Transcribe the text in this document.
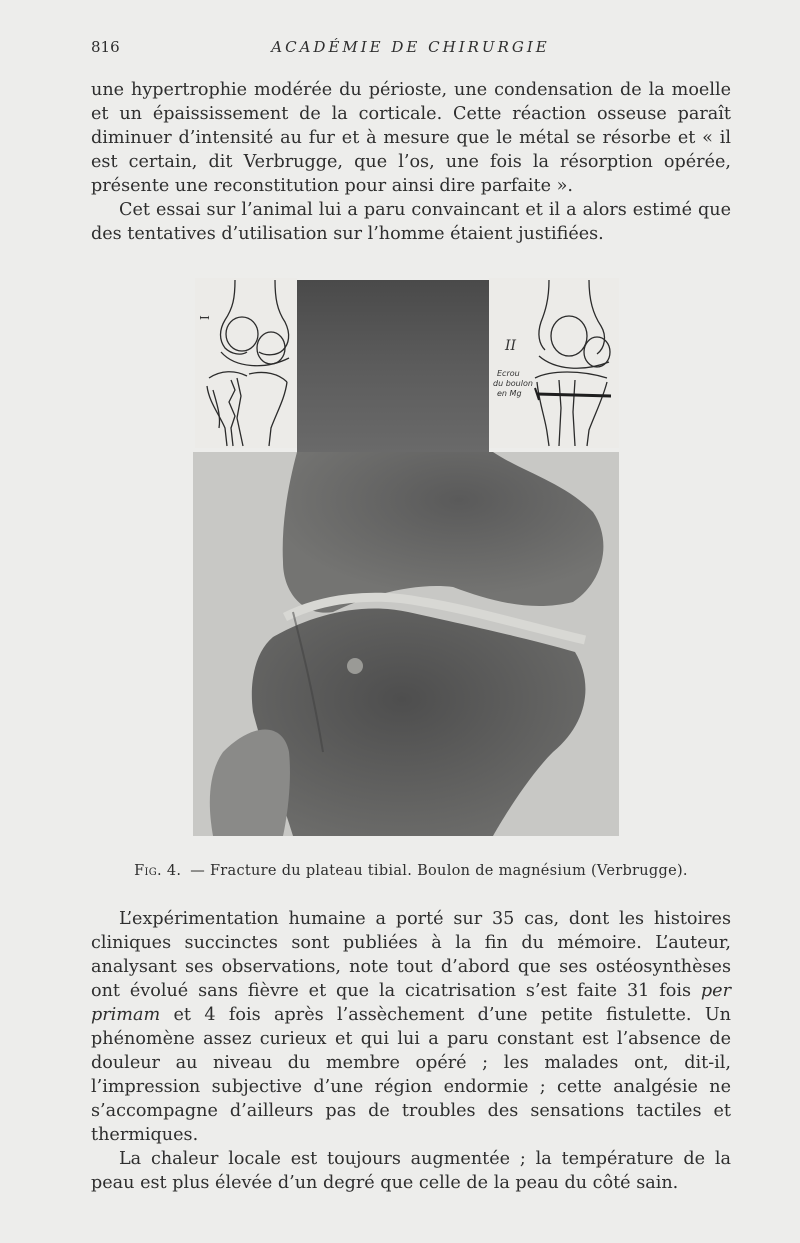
816	ACADÉMIE DE CHIRURGIE

une hypertrophie modérée du périoste, une condensation de la moelle et un épaississement de la corticale. Cette réaction osseuse paraît diminuer d’intensité au fur et à mesure que le métal se résorbe et « il est certain, dit Verbrugge, que l’os, une fois la résorption opérée, présente une reconstitution pour ainsi dire parfaite ».

Cet essai sur l’animal lui a paru convaincant et il a alors estimé que des tentatives d’utilisation sur l’homme étaient justifiées.

I
II
Ecrou
du boulon
en Mg
Fig. 4. — Fracture du plateau tibial. Boulon de magnésium (Verbrugge).

L’expérimentation humaine a porté sur 35 cas, dont les histoires cliniques succinctes sont publiées à la fin du mémoire. L’auteur, analysant ses observations, note tout d’abord que ses ostéosynthèses ont évolué sans fièvre et que la cicatrisation s’est faite 31 fois per primam et 4 fois après l’assèchement d’une petite fistulette. Un phénomène assez curieux et qui lui a paru constant est l’absence de douleur au niveau du membre opéré ; les malades ont, dit-il, l’impression subjective d’une région endormie ; cette analgésie ne s’accompagne d’ailleurs pas de troubles des sensations tactiles et thermiques.

La chaleur locale est toujours augmentée ; la température de la peau est plus élevée d’un degré que celle de la peau du côté sain.
